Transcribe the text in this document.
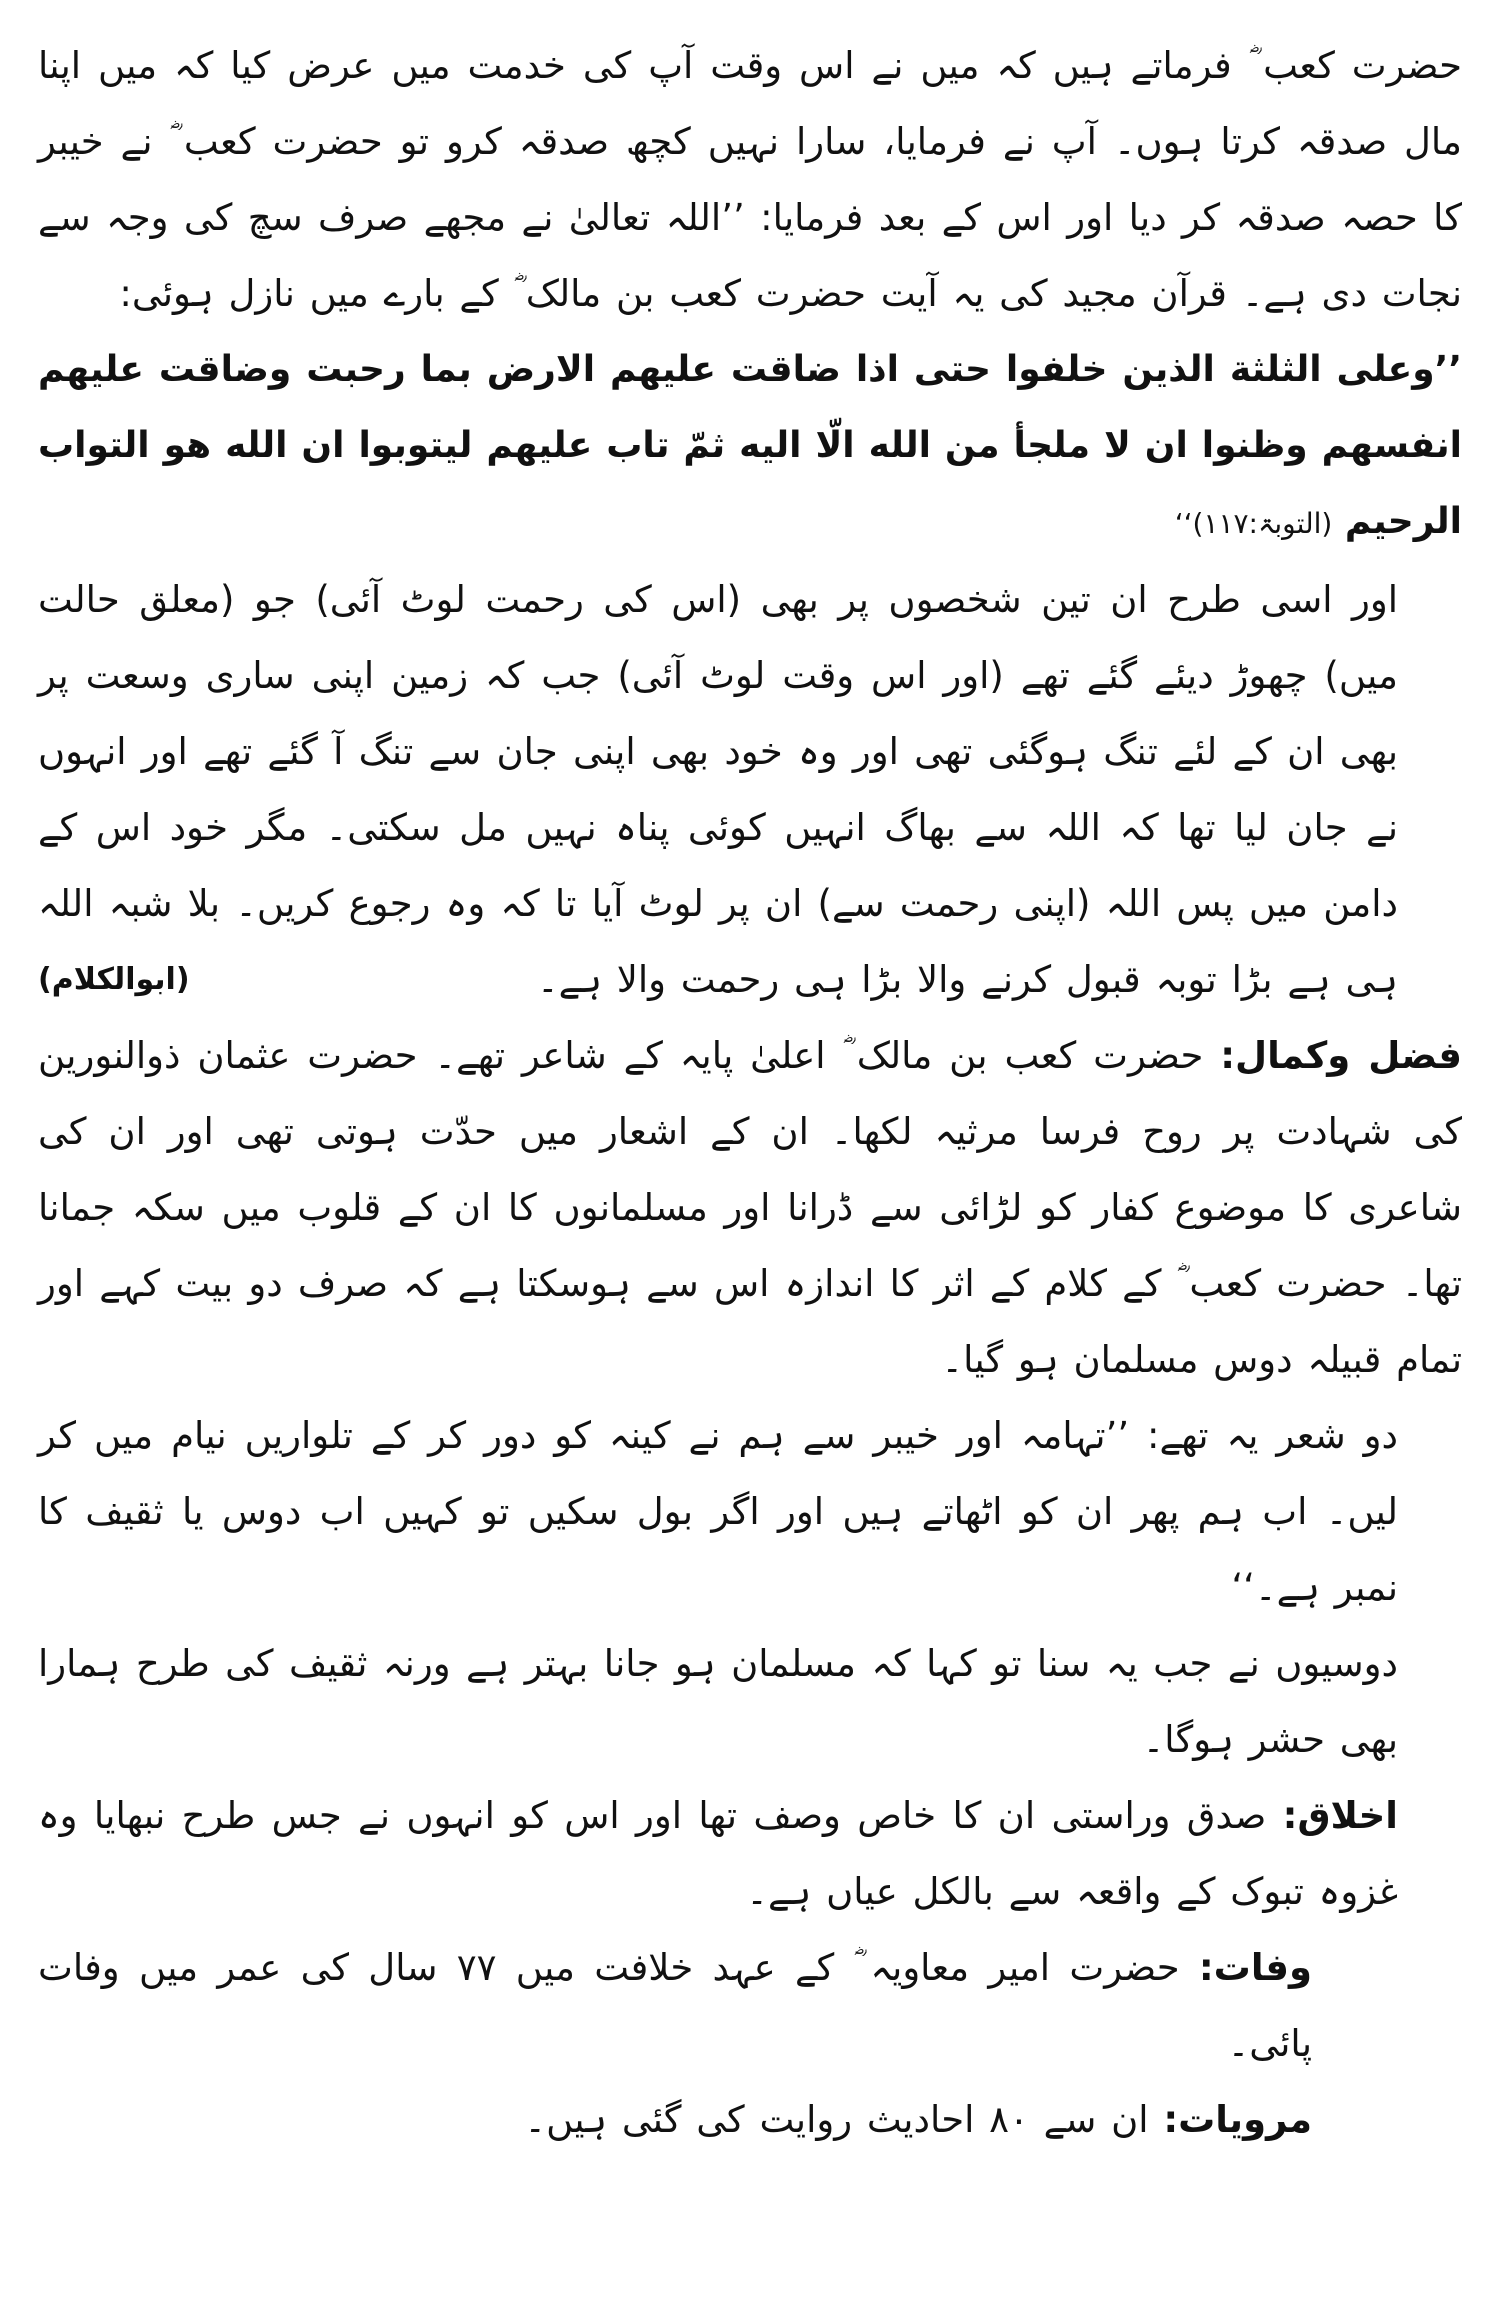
حضرت کعب ؓ فرماتے ہیں کہ میں نے اس وقت آپ کی خدمت میں عرض کیا کہ میں اپنا مال صدقہ کرتا ہوں۔ آپ نے فرمایا، سارا نہیں کچھ صدقہ کرو تو حضرت کعب ؓ نے خیبر کا حصہ صدقہ کر دیا اور اس کے بعد فرمایا: ’’اللہ تعالیٰ نے مجھے صرف سچ کی وجہ سے نجات دی ہے۔ قرآن مجید کی یہ آیت حضرت کعب بن مالک ؓ کے بارے میں نازل ہوئی:

’’وعلی الثلثة الذین خلفوا حتی اذا ضاقت علیهم الارض بما رحبت وضاقت علیهم انفسهم وظنوا ان لا ملجأ من الله الّا الیه ثمّ تاب علیهم لیتوبوا ان الله هو التواب الرحیم (التوبۃ:۱۱۷)‘‘

اور اسی طرح ان تین شخصوں پر بھی (اس کی رحمت لوٹ آئی) جو (معلق حالت میں) چھوڑ دیئے گئے تھے (اور اس وقت لوٹ آئی) جب کہ زمین اپنی ساری وسعت پر بھی ان کے لئے تنگ ہوگئی تھی اور وہ خود بھی اپنی جان سے تنگ آ گئے تھے اور انہوں نے جان لیا تھا کہ اللہ سے بھاگ انہیں کوئی پناہ نہیں مل سکتی۔ مگر خود اس کے دامن میں پس اللہ (اپنی رحمت سے) ان پر لوٹ آیا تا کہ وہ رجوع کریں۔ بلا شبہ اللہ ہی ہے بڑا توبہ قبول کرنے والا بڑا ہی رحمت والا ہے۔
(ابوالکلام)

فضل وکمال: حضرت کعب بن مالک ؓ اعلیٰ پایہ کے شاعر تھے۔ حضرت عثمان ذوالنورین کی شہادت پر روح فرسا مرثیہ لکھا۔ ان کے اشعار میں حدّت ہوتی تھی اور ان کی شاعری کا موضوع کفار کو لڑائی سے ڈرانا اور مسلمانوں کا ان کے قلوب میں سکہ جمانا تھا۔ حضرت کعب ؓ کے کلام کے اثر کا اندازہ اس سے ہوسکتا ہے کہ صرف دو بیت کہے اور تمام قبیلہ دوس مسلمان ہو گیا۔

دو شعر یہ تھے: ’’تہامہ اور خیبر سے ہم نے کینہ کو دور کر کے تلواریں نیام میں کر لیں۔ اب ہم پھر ان کو اٹھاتے ہیں اور اگر بول سکیں تو کہیں اب دوس یا ثقیف کا نمبر ہے۔‘‘

دوسیوں نے جب یہ سنا تو کہا کہ مسلمان ہو جانا بہتر ہے ورنہ ثقیف کی طرح ہمارا بھی حشر ہوگا۔

اخلاق: صدق وراستی ان کا خاص وصف تھا اور اس کو انہوں نے جس طرح نبھایا وہ غزوہ تبوک کے واقعہ سے بالکل عیاں ہے۔

وفات: حضرت امیر معاویہ ؓ کے عہد خلافت میں ۷۷ سال کی عمر میں وفات پائی۔

مرویات: ان سے ۸۰ احادیث روایت کی گئی ہیں۔
